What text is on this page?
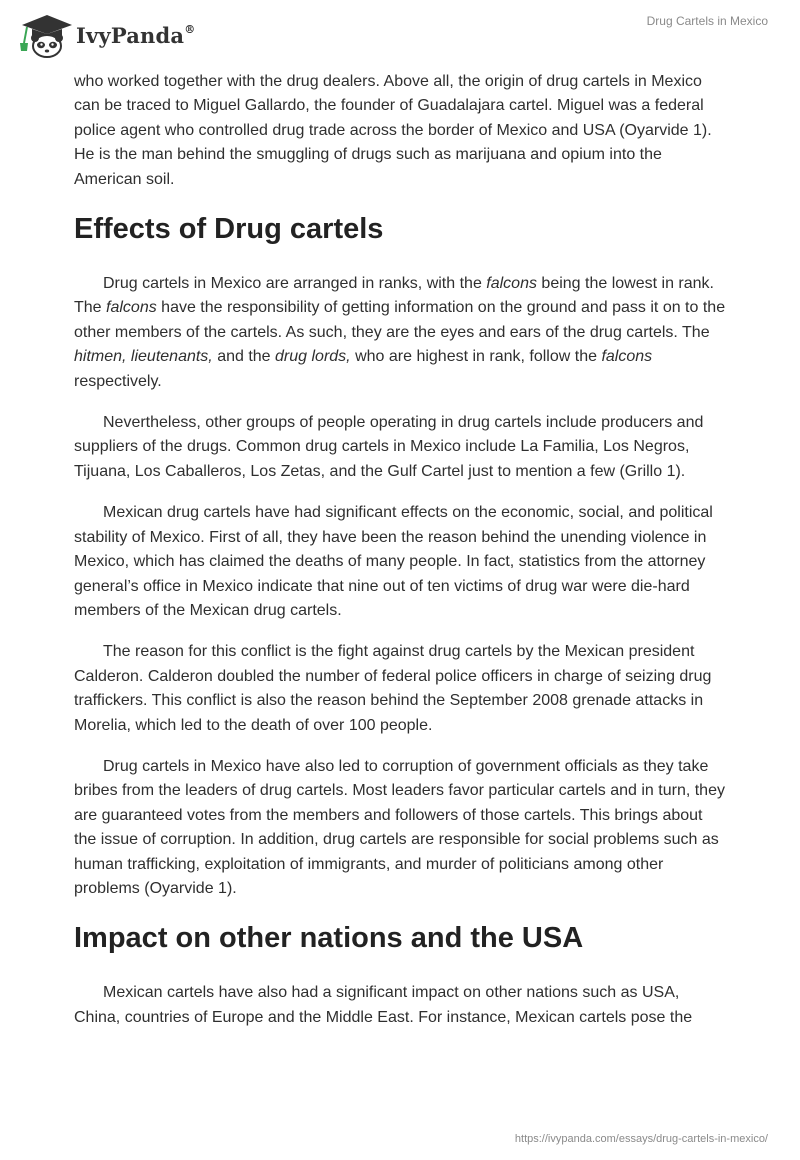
IvyPanda®
Drug Cartels in Mexico

who worked together with the drug dealers. Above all, the origin of drug cartels in Mexico can be traced to Miguel Gallardo, the founder of Guadalajara cartel. Miguel was a federal police agent who controlled drug trade across the border of Mexico and USA (Oyarvide 1). He is the man behind the smuggling of drugs such as marijuana and opium into the American soil.

Effects of Drug cartels

Drug cartels in Mexico are arranged in ranks, with the falcons being the lowest in rank. The falcons have the responsibility of getting information on the ground and pass it on to the other members of the cartels. As such, they are the eyes and ears of the drug cartels. The hitmen, lieutenants, and the drug lords, who are highest in rank, follow the falcons respectively.

Nevertheless, other groups of people operating in drug cartels include producers and suppliers of the drugs. Common drug cartels in Mexico include La Familia, Los Negros, Tijuana, Los Caballeros, Los Zetas, and the Gulf Cartel just to mention a few (Grillo 1).

Mexican drug cartels have had significant effects on the economic, social, and political stability of Mexico. First of all, they have been the reason behind the unending violence in Mexico, which has claimed the deaths of many people. In fact, statistics from the attorney general’s office in Mexico indicate that nine out of ten victims of drug war were die-hard members of the Mexican drug cartels.

The reason for this conflict is the fight against drug cartels by the Mexican president Calderon. Calderon doubled the number of federal police officers in charge of seizing drug traffickers. This conflict is also the reason behind the September 2008 grenade attacks in Morelia, which led to the death of over 100 people.

Drug cartels in Mexico have also led to corruption of government officials as they take bribes from the leaders of drug cartels. Most leaders favor particular cartels and in turn, they are guaranteed votes from the members and followers of those cartels. This brings about the issue of corruption. In addition, drug cartels are responsible for social problems such as human trafficking, exploitation of immigrants, and murder of politicians among other problems (Oyarvide 1).

Impact on other nations and the USA

Mexican cartels have also had a significant impact on other nations such as USA, China, countries of Europe and the Middle East. For instance, Mexican cartels pose the

https://ivypanda.com/essays/drug-cartels-in-mexico/
